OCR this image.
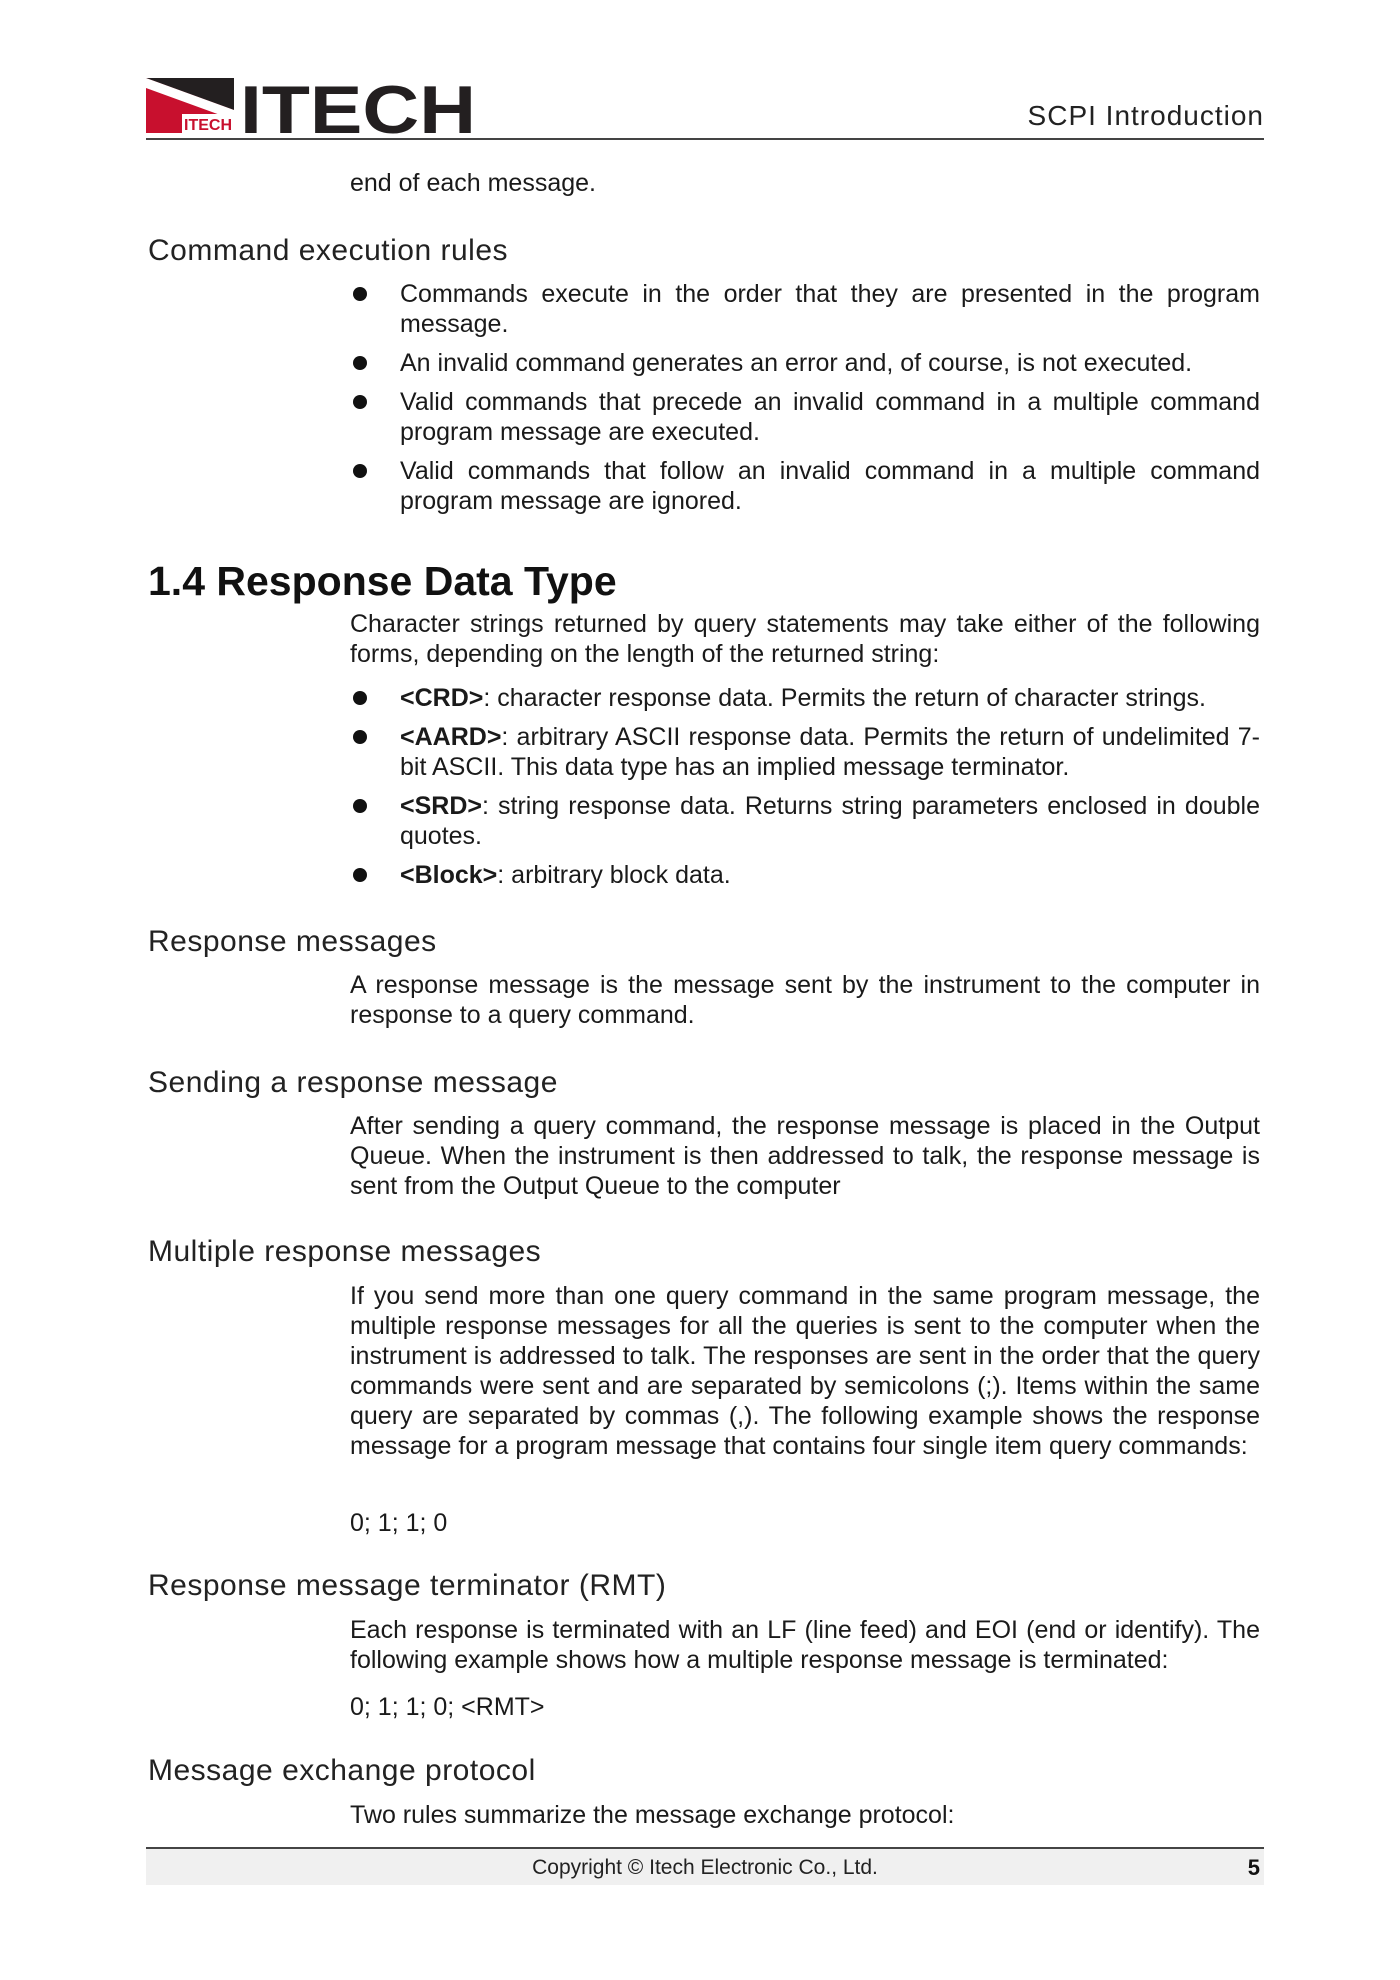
ITECH ITECH	SCPI Introduction
end of each message.
Command execution rules
Commands execute in the order that they are presented in the program message.
An invalid command generates an error and, of course, is not executed.
Valid commands that precede an invalid command in a multiple command program message are executed.
Valid commands that follow an invalid command in a multiple command program message are ignored.
1.4 Response Data Type
Character strings returned by query statements may take either of the following forms, depending on the length of the returned string:
<CRD>: character response data. Permits the return of character strings.
<AARD>: arbitrary ASCII response data. Permits the return of undelimited 7-bit ASCII. This data type has an implied message terminator.
<SRD>: string response data. Returns string parameters enclosed in double quotes.
<Block>: arbitrary block data.
Response messages
A response message is the message sent by the instrument to the computer in response to a query command.
Sending a response message
After sending a query command, the response message is placed in the Output Queue. When the instrument is then addressed to talk, the response message is sent from the Output Queue to the computer
Multiple response messages
If you send more than one query command in the same program message, the multiple response messages for all the queries is sent to the computer when the instrument is addressed to talk. The responses are sent in the order that the query commands were sent and are separated by semicolons (;). Items within the same query are separated by commas (,). The following example shows the response message for a program message that contains four single item query commands:
0; 1; 1; 0
Response message terminator (RMT)
Each response is terminated with an LF (line feed) and EOI (end or identify). The following example shows how a multiple response message is terminated:
0; 1; 1; 0; <RMT>
Message exchange protocol
Two rules summarize the message exchange protocol:
Copyright © Itech Electronic Co., Ltd.	5
